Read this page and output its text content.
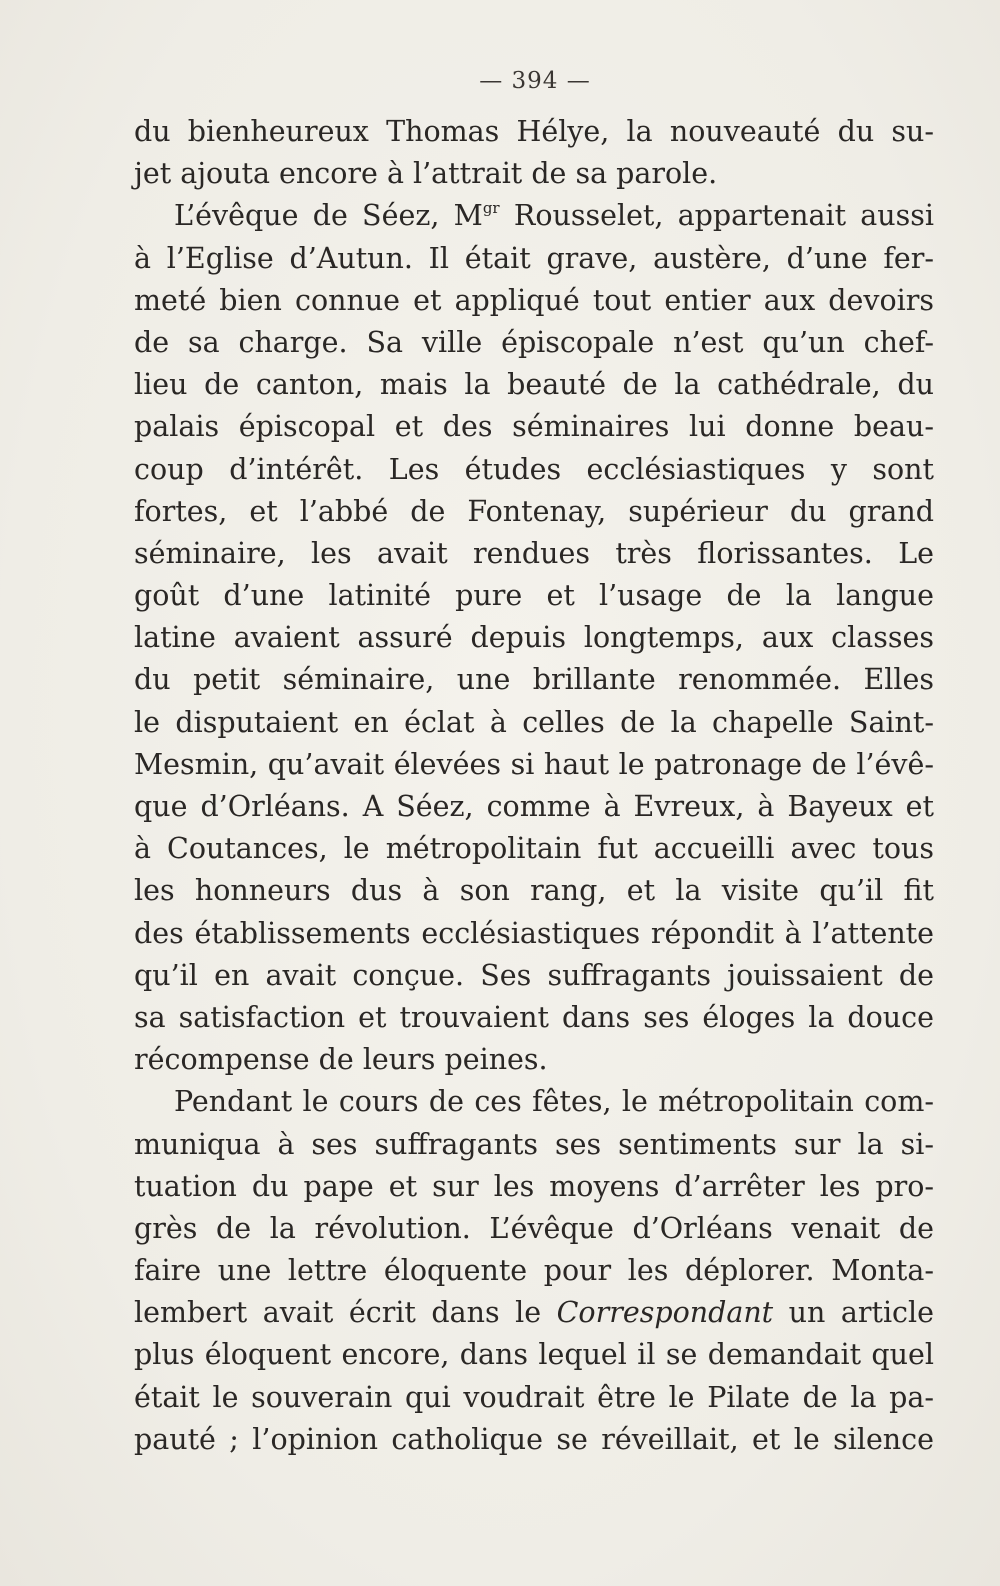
— 394 —
du bienheureux Thomas Hélye, la nouveauté du su-
jet ajouta encore à l’attrait de sa parole.
L’évêque de Séez, $M^{gr}$ Rousselet, appartenait aussi
à l’Eglise d’Autun. Il était grave, austère, d’une fer-
meté bien connue et appliqué tout entier aux devoirs
de sa charge. Sa ville épiscopale n’est qu’un chef-
lieu de canton, mais la beauté de la cathédrale, du
palais épiscopal et des séminaires lui donne beau-
coup d’intérêt. Les études ecclésiastiques y sont
fortes, et l’abbé de Fontenay, supérieur du grand
séminaire, les avait rendues très florissantes. Le
goût d’une latinité pure et l’usage de la langue
latine avaient assuré depuis longtemps, aux classes
du petit séminaire, une brillante renommée. Elles
le disputaient en éclat à celles de la chapelle Saint-
Mesmin, qu’avait élevées si haut le patronage de l’évê-
que d’Orléans. A Séez, comme à Evreux, à Bayeux et
à Coutances, le métropolitain fut accueilli avec tous
les honneurs dus à son rang, et la visite qu’il fit
des établissements ecclésiastiques répondit à l’attente
qu’il en avait conçue. Ses suffragants jouissaient de
sa satisfaction et trouvaient dans ses éloges la douce
récompense de leurs peines.
Pendant le cours de ces fêtes, le métropolitain com-
muniqua à ses suffragants ses sentiments sur la si-
tuation du pape et sur les moyens d’arrêter les pro-
grès de la révolution. L’évêque d’Orléans venait de
faire une lettre éloquente pour les déplorer. Monta-
lembert avait écrit dans le Correspondant un article
plus éloquent encore, dans lequel il se demandait quel
était le souverain qui voudrait être le Pilate de la pa-
pauté ; l’opinion catholique se réveillait, et le silence
